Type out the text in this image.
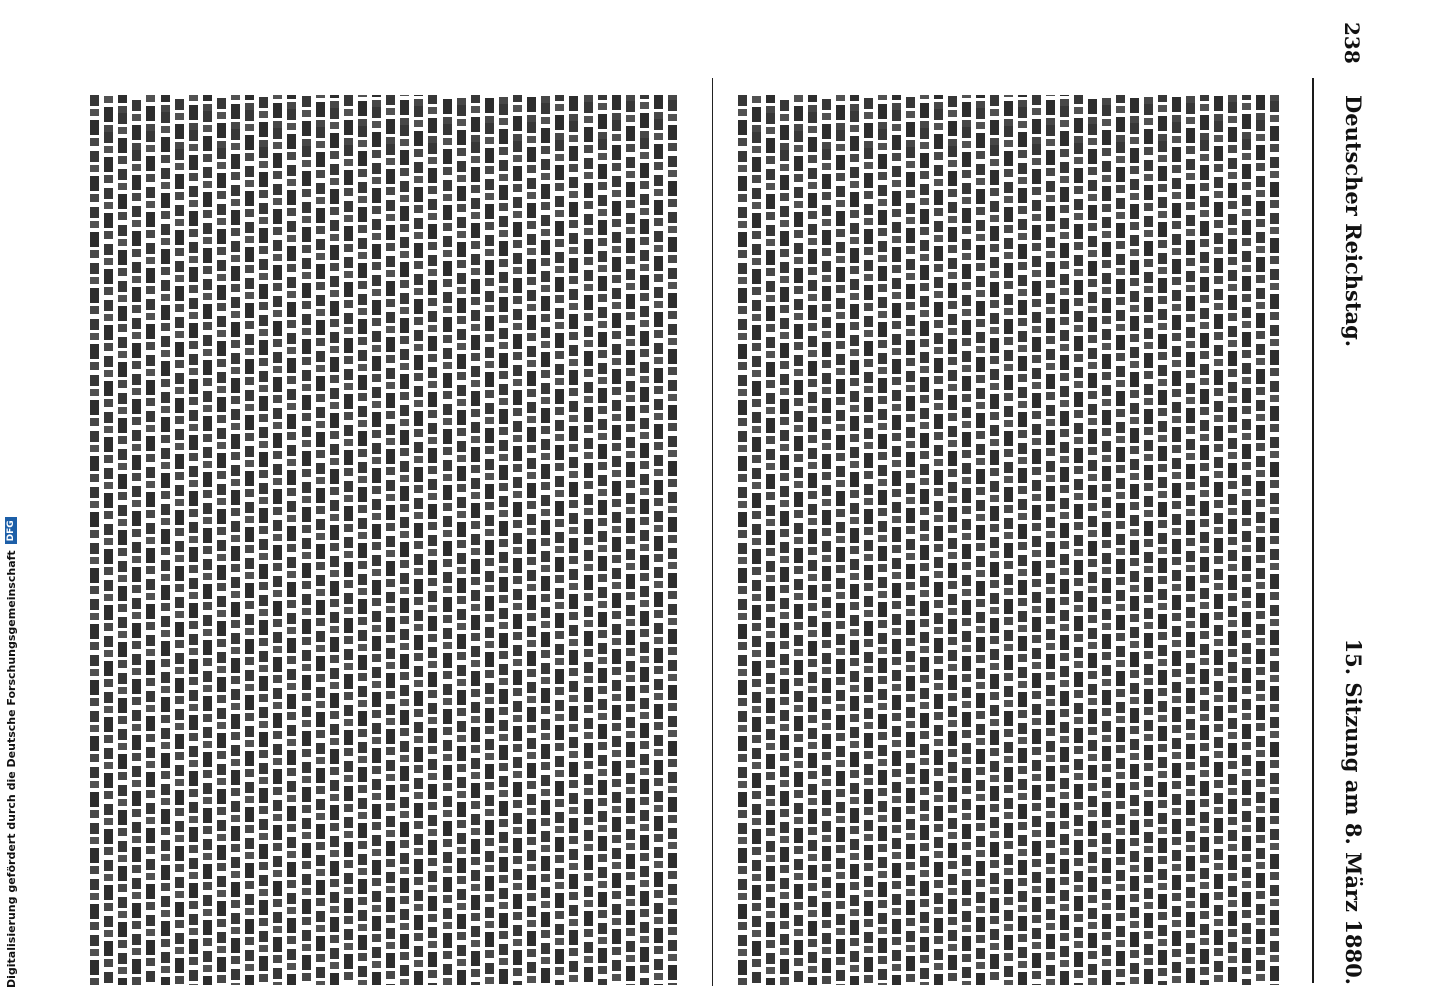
238
Deutscher Reichstag.
15. Sitzung am 8. März 1880.
Digitalisierung gefördert durch die Deutsche Forschungsgemeinschaft
DFG
